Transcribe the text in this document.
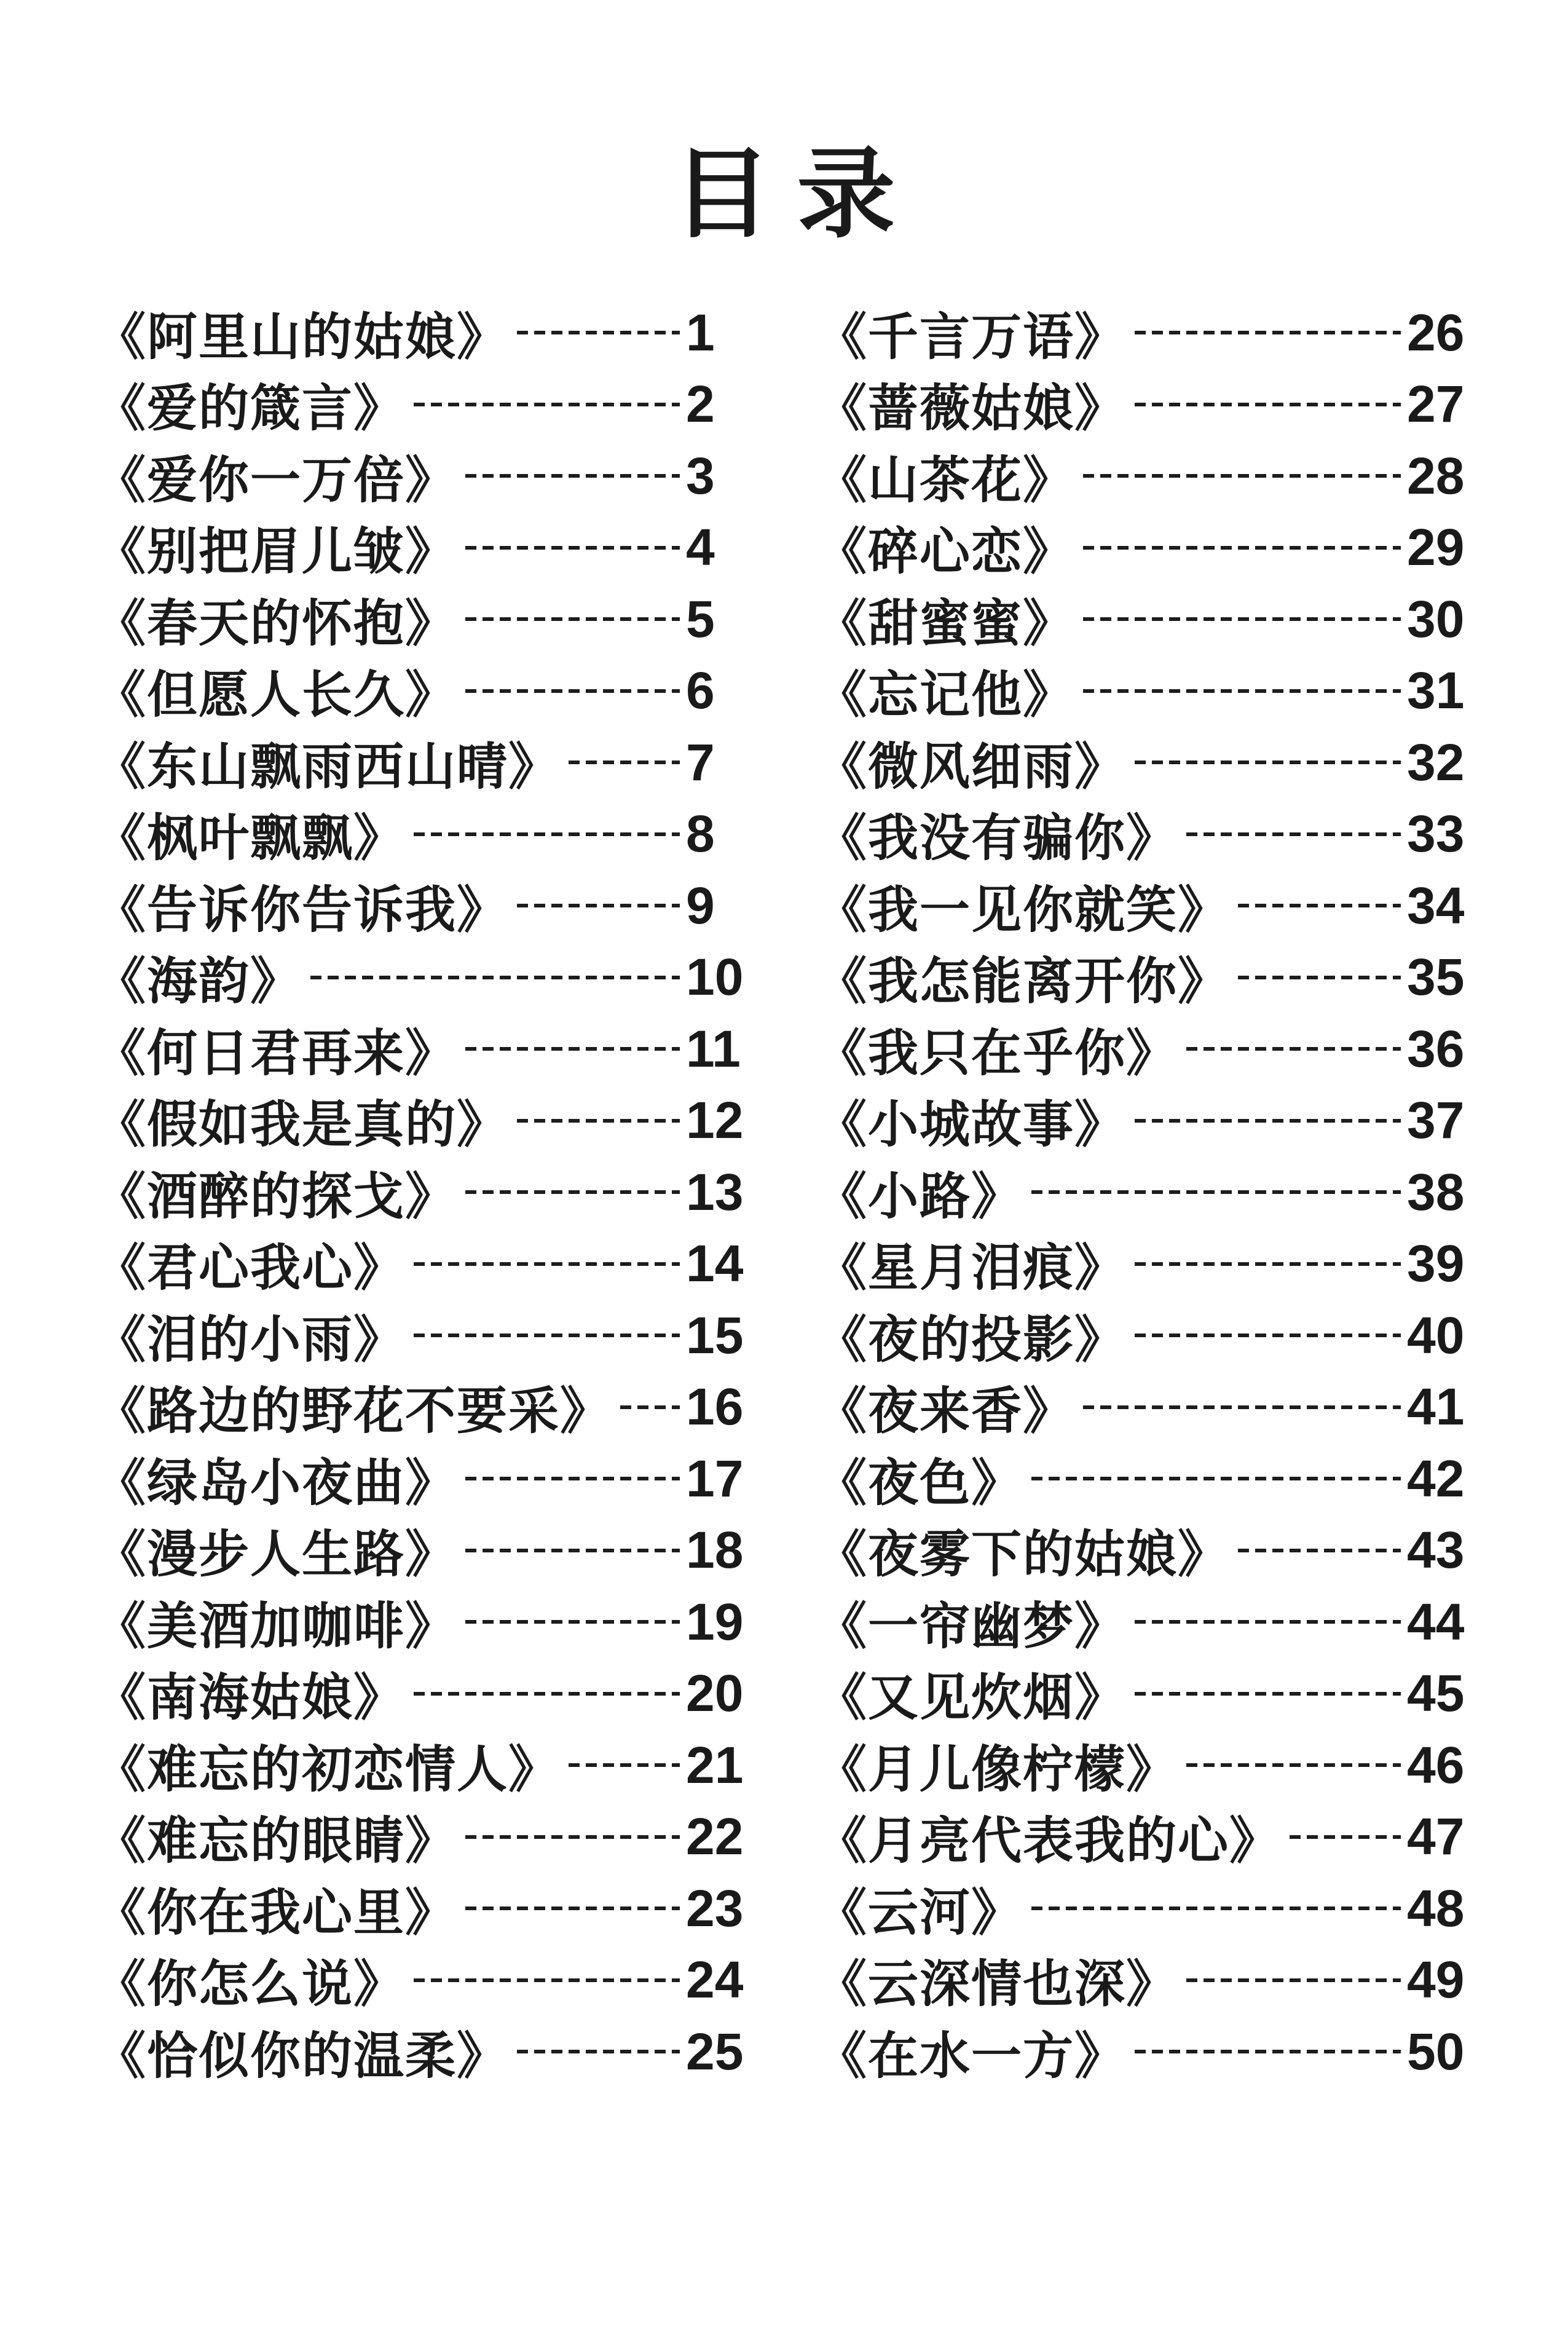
目录
《阿里山的姑娘》	1
《爱的箴言》	2
《爱你一万倍》	3
《别把眉儿皱》	4
《春天的怀抱》	5
《但愿人长久》	6
《东山飘雨西山晴》 7
《枫叶飘飘》	8
《告诉你告诉我》	9
《海韵》	10
《何日君再来》	11
《假如我是真的》	12
《酒醉的探戈》	13
《君心我心》	14
《泪的小雨》	15
《路边的野花不要采》 16
《绿岛小夜曲》	17
《漫步人生路》	18
《美酒加咖啡》	19
《南海姑娘》	20
《难忘的初恋情人》 21
《难忘的眼睛》	22
《你在我心里》	23
《你怎么说》	24
《恰似你的温柔》	25
《千言万语》	26
《蔷薇姑娘》	27
《山茶花》	28
《碎心恋》	29
《甜蜜蜜》	30
《忘记他》	31
《微风细雨》	32
《我没有骗你》	33
《我一见你就笑》	34
《我怎能离开你》	35
《我只在乎你》	36
《小城故事》	37
《小路》	38
《星月泪痕》	39
《夜的投影》	40
《夜来香》	41
《夜色》	42
《夜雾下的姑娘》	43
《一帘幽梦》	44
《又见炊烟》	45
《月儿像柠檬》	46
《月亮代表我的心》 47
《云河》	48
《云深情也深》	49
《在水一方》	50
